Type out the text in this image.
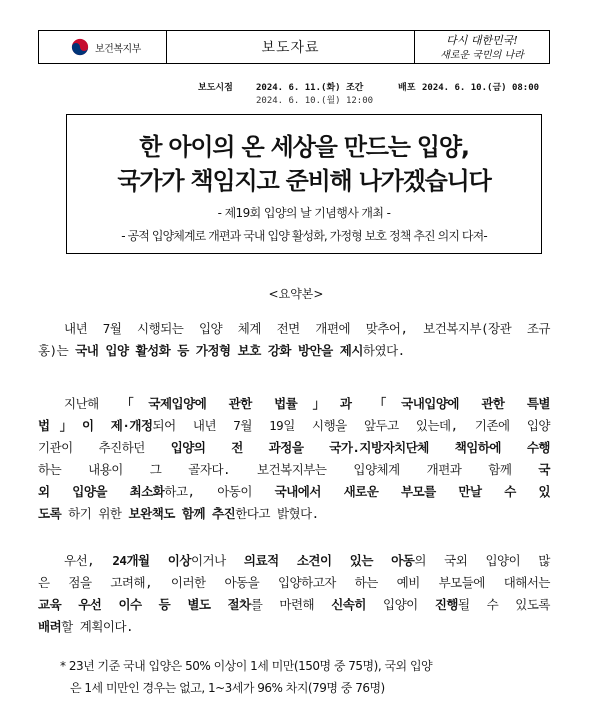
보건복지부	보도자료	다시 대한민국!
새로운 국민의 나라
보도시점	2024. 6. 11.(화) 조간
2024. 6. 10.(월) 12:00
배포 2024. 6. 10.(금) 08:00
한 아이의 온 세상을 만드는 입양,
국가가 책임지고 준비해 나가겠습니다
- 제19회 입양의 날 기념행사 개최 -
- 공적 입양체계로 개편과 국내 입양 활성화, 가정형 보호 정책 추진 의지 다져-
<요약본>
내년 7월 시행되는 입양 체계 전면 개편에 맞추어, 보건복지부(장관 조규
홍)는 국내 입양 활성화 등 가정형 보호 강화 방안을 제시하였다.
지난해 「국제입양에 관한 법률」과 「국내입양에 관한 특별
법」이 제·개정되어 내년 7월 19일 시행을 앞두고 있는데, 기존에 입양
기관이 추진하던 입양의 전 과정을 국가.지방자치단체 책임하에 수행
하는 내용이 그 골자다. 보건복지부는 입양체계 개편과 함께 국
외 입양을 최소화하고, 아동이 국내에서 새로운 부모를 만날 수 있
도록 하기 위한 보완책도 함께 추진한다고 밝혔다.
우선, 24개월 이상이거나 의료적 소견이 있는 아동의 국외 입양이 많
은 점을 고려해, 이러한 아동을 입양하고자 하는 예비 부모들에 대해서는
교육 우선 이수 등 별도 절차를 마련해 신속히 입양이 진행될 수 있도록
배려할 계획이다.
* 23년 기준 국내 입양은 50% 이상이 1세 미만(150명 중 75명), 국외 입양
은 1세 미만인 경우는 없고, 1~3세가 96% 차지(79명 중 76명)
